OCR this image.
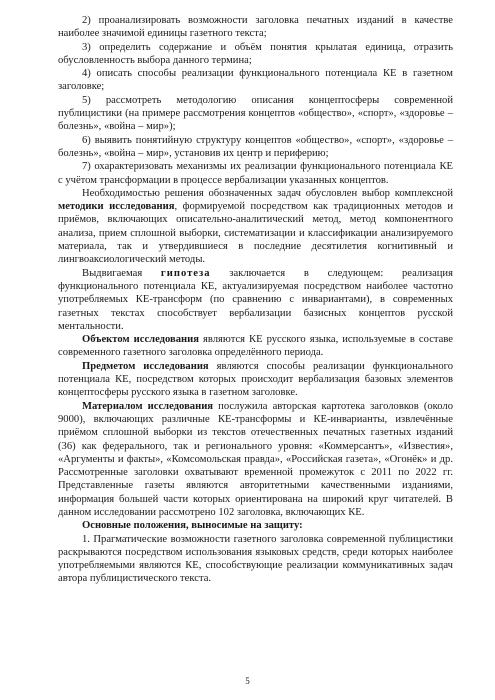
2) проанализировать возможности заголовка печатных изданий в качестве наиболее значимой единицы газетного текста;

3) определить содержание и объём понятия крылатая единица, отразить обусловленность выбора данного термина;

4) описать способы реализации функционального потенциала КЕ в газетном заголовке;

5) рассмотреть методологию описания концептосферы современной публицистики (на примере рассмотрения концептов «общество», «спорт», «здоровье – болезнь», «война – мир»);

6) выявить понятийную структуру концептов «общество», «спорт», «здоровье – болезнь», «война – мир», установив их центр и периферию;

7) охарактеризовать механизмы их реализации функционального потенциала КЕ с учётом трансформации в процессе вербализации указанных концептов.

Необходимостью решения обозначенных задач обусловлен выбор комплексной методики исследования, формируемой посредством как традиционных методов и приёмов, включающих описательно-аналитический метод, метод компонентного анализа, прием сплошной выборки, систематизации и классификации анализируемого материала, так и утвердившиеся в последние десятилетия когнитивный и лингвоаксиологический методы.

Выдвигаемая гипотеза заключается в следующем: реализация функционального потенциала КЕ, актуализируемая посредством наиболее частотно употребляемых КЕ-трансформ (по сравнению с инвариантами), в современных газетных текстах способствует вербализации базисных концептов русской ментальности.

Объектом исследования являются КЕ русского языка, используемые в составе современного газетного заголовка определённого периода.

Предметом исследования являются способы реализации функционального потенциала КЕ, посредством которых происходит вербализация базовых элементов концептосферы русского языка в газетном заголовке.

Материалом исследования послужила авторская картотека заголовков (около 9000), включающих различные КЕ-трансформы и КЕ-инварианты, извлечённые приёмом сплошной выборки из текстов отечественных печатных газетных изданий (36) как федерального, так и регионального уровня: «Коммерсантъ», «Известия», «Аргументы и факты», «Комсомольская правда», «Российская газета», «Огонёк» и др. Рассмотренные заголовки охватывают временной промежуток с 2011 по 2022 гг. Представленные газеты являются авторитетными качественными изданиями, информация большей части которых ориентирована на широкий круг читателей. В данном исследовании рассмотрено 102 заголовка, включающих КЕ.

Основные положения, выносимые на защиту:

1. Прагматические возможности газетного заголовка современной публицистики раскрываются посредством использования языковых средств, среди которых наиболее употребляемыми являются КЕ, способствующие реализации коммуникативных задач автора публицистического текста.

5
